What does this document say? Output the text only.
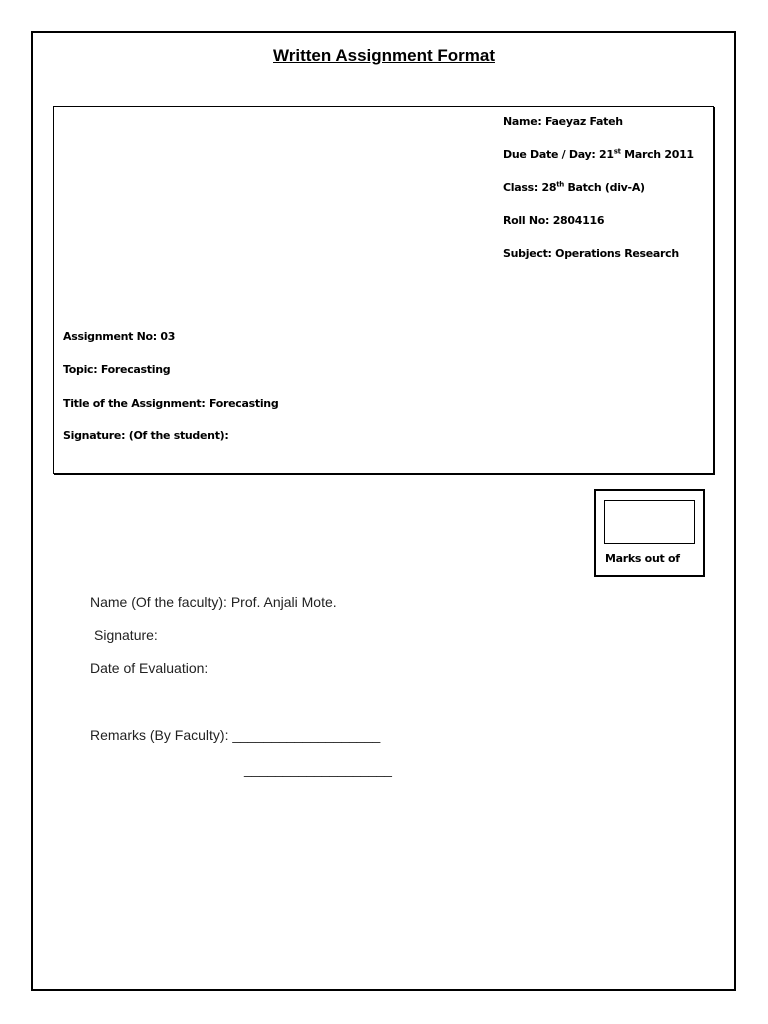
Written Assignment Format
Name: Faeyaz Fateh
Due Date / Day: 21st March 2011
Class: 28th Batch (div-A)
Roll No: 2804116
Subject: Operations Research
Assignment No: 03
Topic: Forecasting
Title of the Assignment: Forecasting
Signature: (Of the student):
Marks out of
Name (Of the faculty): Prof. Anjali Mote.
Signature:
Date of Evaluation:
Remarks (By Faculty): ___________________
___________________
